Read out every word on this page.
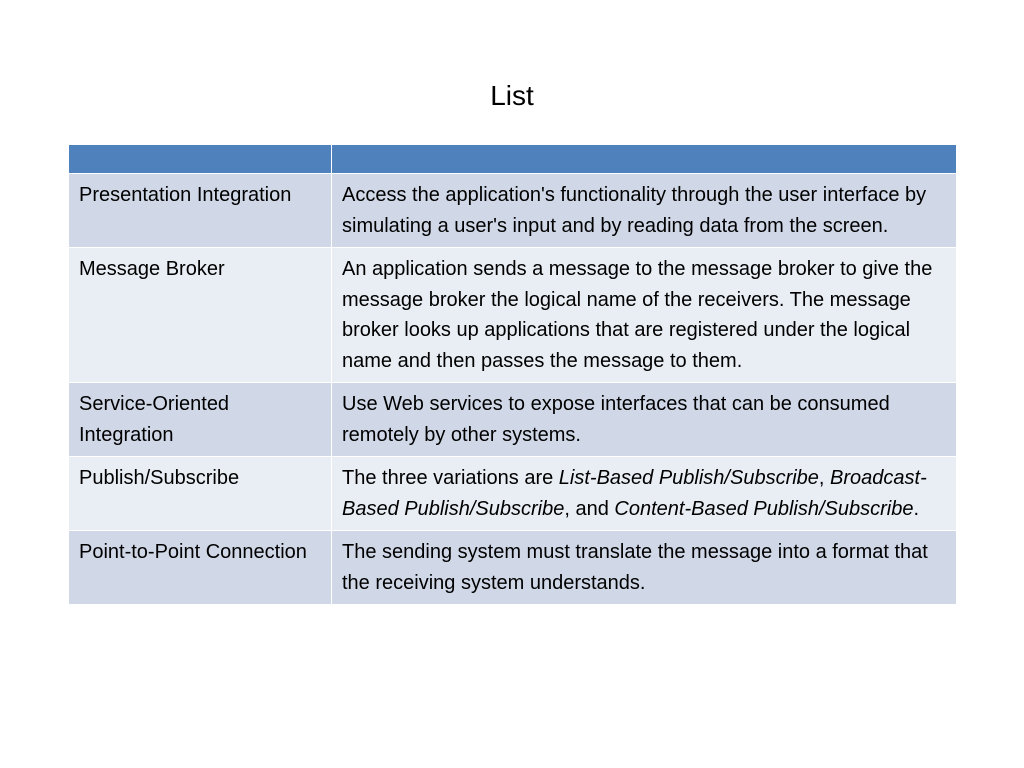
List

Presentation Integration	Access the application's functionality through the user interface by simulating a user's input and by reading data from the screen.
Message Broker	An application sends a message to the message broker to give the message broker the logical name of the receivers. The message broker looks up applications that are registered under the logical name and then passes the message to them.
Service-Oriented Integration	Use Web services to expose interfaces that can be consumed remotely by other systems.
Publish/Subscribe	The three variations are List-Based Publish/Subscribe, Broadcast-Based Publish/Subscribe, and Content-Based Publish/Subscribe.
Point-to-Point Connection	The sending system must translate the message into a format that the receiving system understands.
